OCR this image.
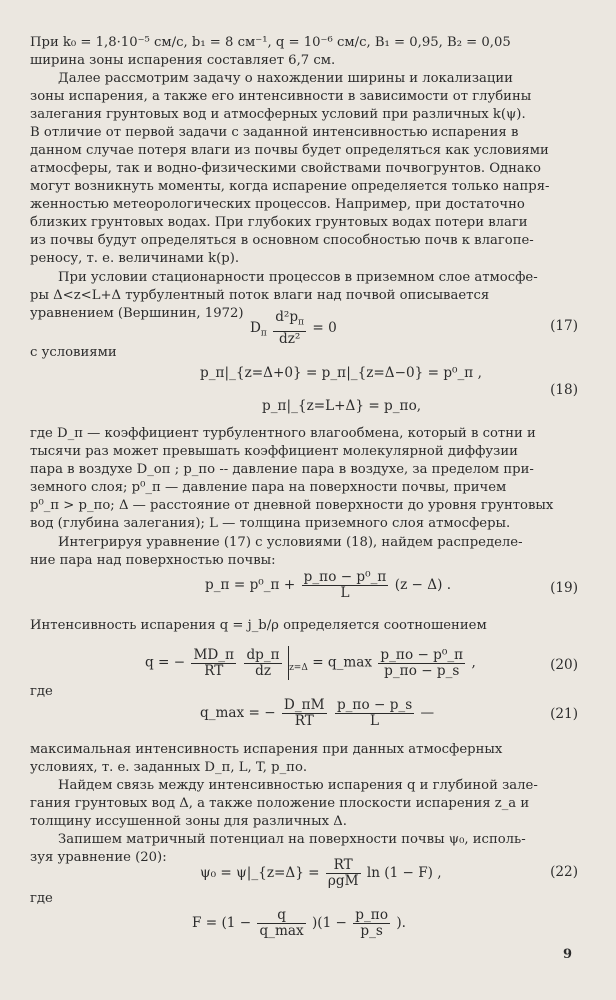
При k₀ = 1,8·10⁻⁵ см/с, b₁ = 8 см⁻¹, q = 10⁻⁶ см/с, B₁ = 0,95, B₂ = 0,05
ширина зоны испарения составляет 6,7 см.
Далее рассмотрим задачу о нахождении ширины и локализации
зоны испарения, а также его интенсивности в зависимости от глубины
залегания грунтовых вод и атмосферных условий при различных k(ψ).
В отличие от первой задачи с заданной интенсивностью испарения в
данном случае потеря влаги из почвы будет определяться как условиями
атмосферы, так и водно-физическими свойствами почвогрунтов. Однако
могут возникнуть моменты, когда испарение определяется только напря-
женностью метеорологических процессов. Например, при достаточно
близких грунтовых водах. При глубоких грунтовых водах потери влаги
из почвы будут определяться в основном способностью почв к влагопе-
реносу, т. е. величинами k(p).
При условии стационарности процессов в приземном слое атмосфе-
ры Δ<z<L+Δ турбулентный поток влаги над почвой описывается
уравнением (Вершинин, 1972)
$D_п \frac{d^2p_п}{\text{dz²}} = 0$	(17)
с условиями
p_п|_{z=Δ+0} = p_п|_{z=Δ−0} = p⁰_п ,
p_п|_{z=L+Δ} = p_по,
(18)
где D_п — коэффициент турбулентного влагообмена, который в сотни и
тысячи раз может превышать коэффициент молекулярной диффузии
пара в воздухе D_оп ; p_по -- давление пара в воздухе, за пределом при-
земного слоя; p⁰_п — давление пара на поверхности почвы, причем
p⁰_п > p_по; Δ — расстояние от дневной поверхности до уровня грунтовых
вод (глубина залегания); L — толщина приземного слоя атмосферы.
Интегрируя уравнение (17) с условиями (18), найдем распределе-
ние пара над поверхностью почвы:
p_п = p⁰_п + $\frac{\text{p\_по − p⁰\_п}}{L} (z - \Delta)$ .	(19)
Интенсивность испарения q = j_b/ρ определяется соотношением
q = − $\frac{MD\_п}{RT}$
$\frac{dp\_п}{dz} _{z=\Delta}$ = q_max $\frac{\text{p\_по − p⁰\_п}}{p\_по - p\_s}$ ,	(20)
где
q_max = − $\frac{D\_пM}{RT}$
$\frac{p\_по - p\_s}{L}$ —	(21)
максимальная интенсивность испарения при данных атмосферных
условиях, т. е. заданных D_п, L, T, p_по.
Найдем связь между интенсивностью испарения q и глубиной зале-
гания грунтовых вод Δ, а также положение плоскости испарения z_a и
толщину иссушенной зоны для различных Δ.
Запишем матричный потенциал на поверхности почвы ψ₀, исполь-
зуя уравнение (20):
ψ₀ = ψ|_{z=Δ} = $\frac{RT}{\text{ρgM}}$ ln (1 − F) ,	(22)
где
$F = (1 - \frac{q}{q\_\max} )(1 - \frac{p\_по}{p\_s}$ ).
9
